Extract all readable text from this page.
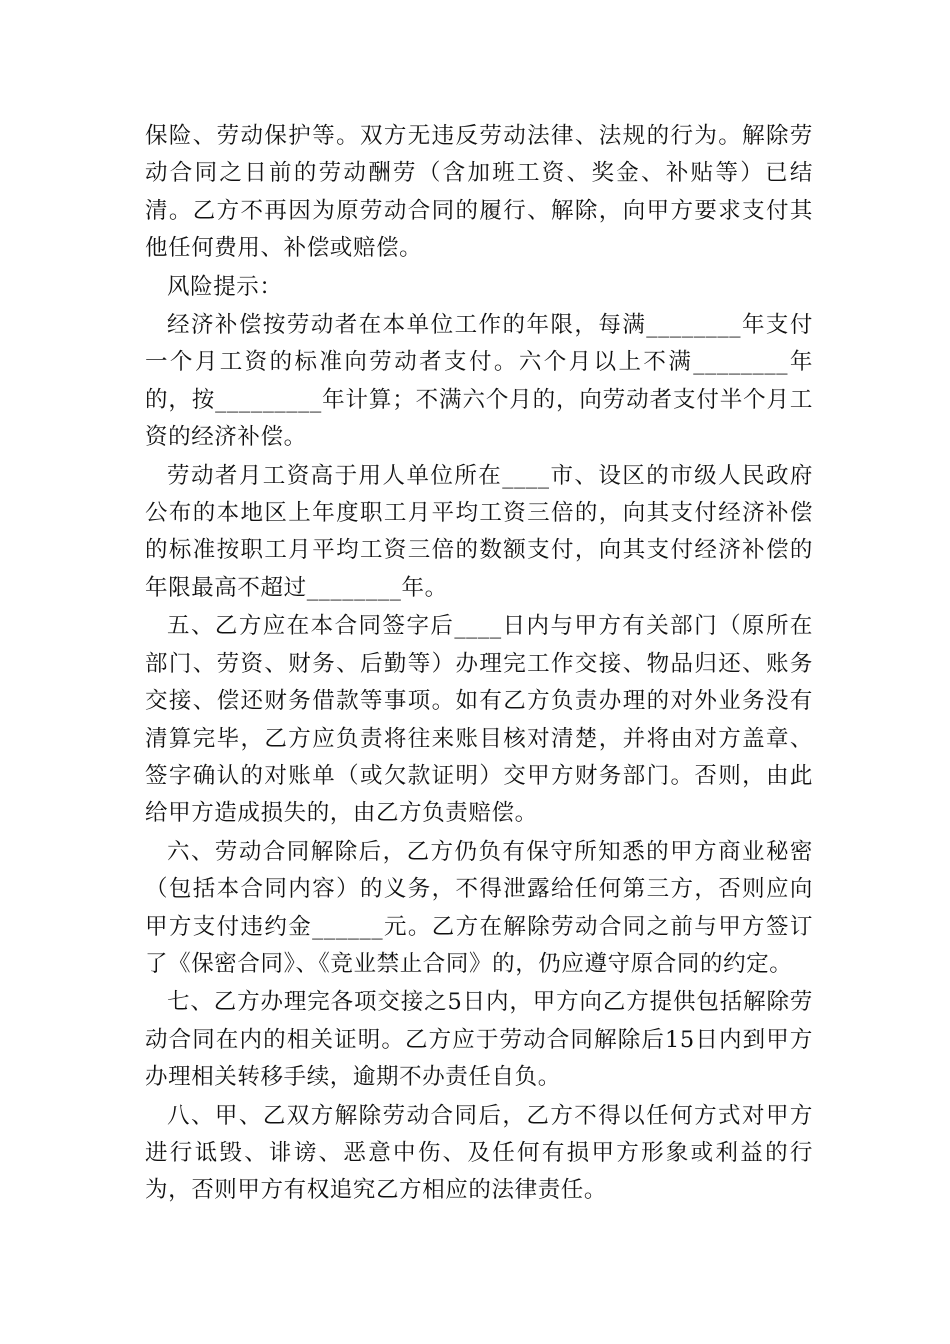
保险、劳动保护等。双方无违反劳动法律、法规的行为。解除劳动合同之日前的劳动酬劳（含加班工资、奖金、补贴等）已结清。乙方不再因为原劳动合同的履行、解除，向甲方要求支付其他任何费用、补偿或赔偿。

风险提示：

经济补偿按劳动者在本单位工作的年限，每满________年支付一个月工资的标准向劳动者支付。六个月以上不满________年的，按_________年计算；不满六个月的，向劳动者支付半个月工资的经济补偿。

劳动者月工资高于用人单位所在____市、设区的市级人民政府公布的本地区上年度职工月平均工资三倍的，向其支付经济补偿的标准按职工月平均工资三倍的数额支付，向其支付经济补偿的年限最高不超过________年。

五、乙方应在本合同签字后____日内与甲方有关部门（原所在部门、劳资、财务、后勤等）办理完工作交接、物品归还、账务交接、偿还财务借款等事项。如有乙方负责办理的对外业务没有清算完毕，乙方应负责将往来账目核对清楚，并将由对方盖章、签字确认的对账单（或欠款证明）交甲方财务部门。否则，由此给甲方造成损失的，由乙方负责赔偿。

六、劳动合同解除后，乙方仍负有保守所知悉的甲方商业秘密（包括本合同内容）的义务，不得泄露给任何第三方，否则应向甲方支付违约金______元。乙方在解除劳动合同之前与甲方签订了《保密合同》、《竞业禁止合同》的，仍应遵守原合同的约定。

七、乙方办理完各项交接之5日内，甲方向乙方提供包括解除劳动合同在内的相关证明。乙方应于劳动合同解除后15日内到甲方办理相关转移手续，逾期不办责任自负。

八、甲、乙双方解除劳动合同后，乙方不得以任何方式对甲方进行诋毁、诽谤、恶意中伤、及任何有损甲方形象或利益的行为，否则甲方有权追究乙方相应的法律责任。
